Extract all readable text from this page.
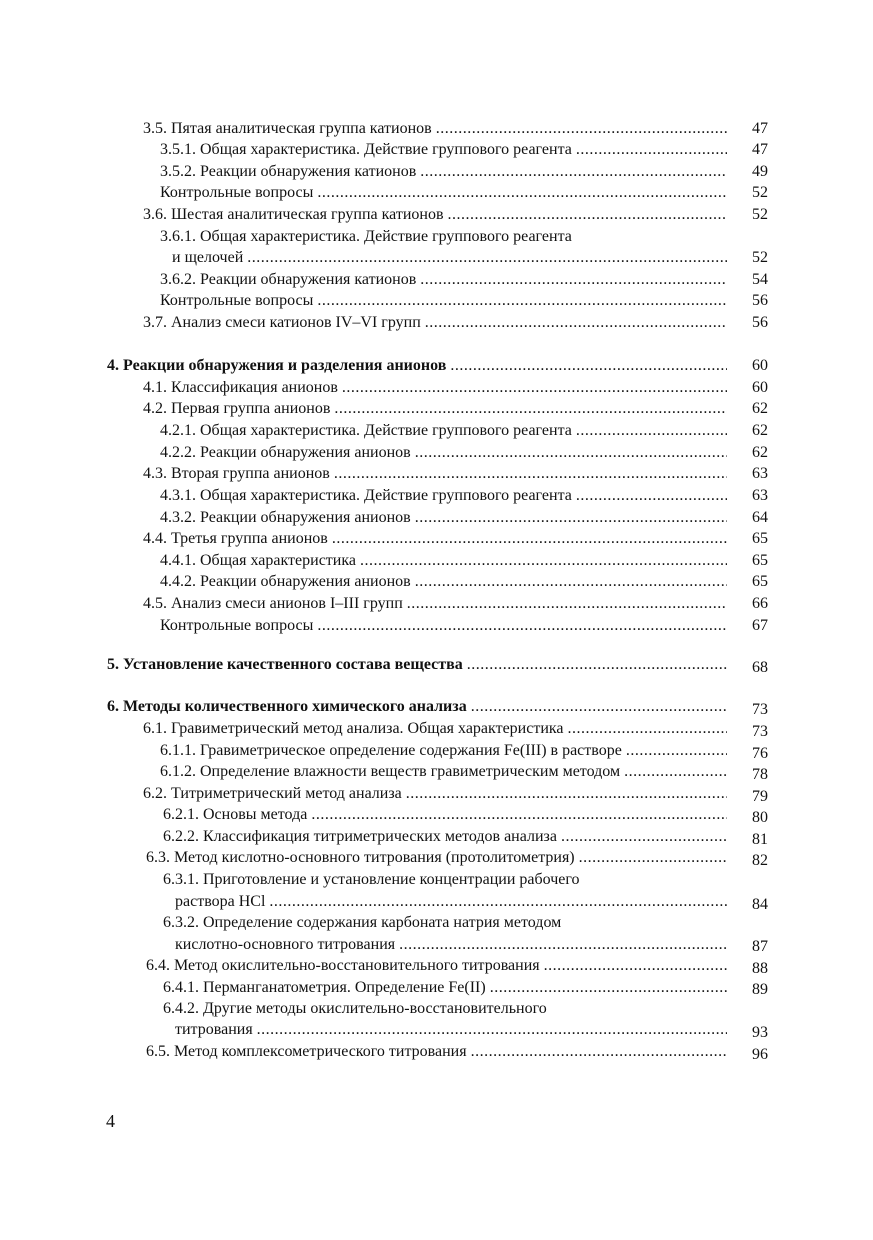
3.5. Пятая аналитическая группа катионов .....	47
3.5.1. Общая характеристика. Действие группового реагента .....	47
3.5.2. Реакции обнаружения катионов .....	49
Контрольные вопросы .....	52
3.6. Шестая аналитическая группа катионов .....	52
3.6.1. Общая характеристика. Действие группового реагента
и щелочей .....	52
3.6.2. Реакции обнаружения катионов .....	54
Контрольные вопросы .....	56
3.7. Анализ смеси катионов IV–VI групп .....	56
4. Реакции обнаружения и разделения анионов .....	60
4.1. Классификация анионов .....	60
4.2. Первая группа анионов .....	62
4.2.1. Общая характеристика. Действие группового реагента .....	62
4.2.2. Реакции обнаружения анионов .....	62
4.3. Вторая группа анионов .....	63
4.3.1. Общая характеристика. Действие группового реагента .....	63
4.3.2. Реакции обнаружения анионов .....	64
4.4. Третья группа анионов .....	65
4.4.1. Общая характеристика .....	65
4.4.2. Реакции обнаружения анионов .....	65
4.5. Анализ смеси анионов I–III групп .....	66
Контрольные вопросы .....	67
5. Установление качественного состава вещества .....	68
6. Методы количественного химического анализа .....	73
6.1. Гравиметрический метод анализа. Общая характеристика .....	73
6.1.1. Гравиметрическое определение содержания Fe(III) в растворе .....	76
6.1.2. Определение влажности веществ гравиметрическим методом .....	78
6.2. Титриметрический метод анализа .....	79
6.2.1. Основы метода .....	80
6.2.2. Классификация титриметрических методов анализа .....	81
6.3. Метод кислотно-основного титрования (протолитометрия) .....	82
6.3.1. Приготовление и установление концентрации рабочего
раствора HCl .....	84
6.3.2. Определение содержания карбоната натрия методом
кислотно-основного титрования .....	87
6.4. Метод окислительно-восстановительного титрования .....	88
6.4.1. Перманганатометрия. Определение Fe(II) .....	89
6.4.2. Другие методы окислительно-восстановительного
титрования .....	93
6.5. Метод комплексометрического титрования .....	96
4
